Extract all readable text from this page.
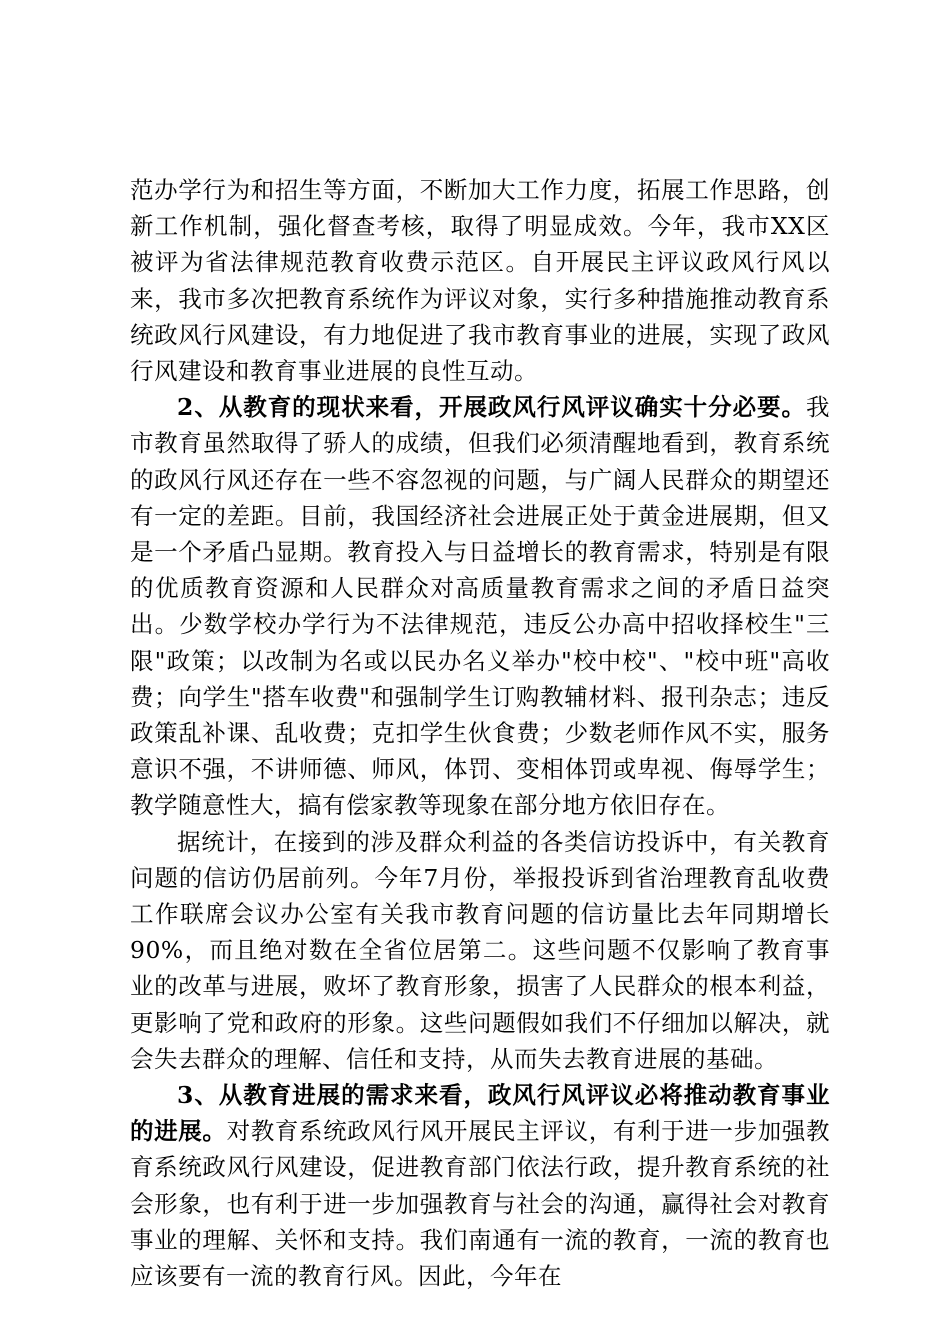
范办学行为和招生等方面，不断加大工作力度，拓展工作思路，创新工作机制，强化督查考核，取得了明显成效。今年，我市XX区被评为省法律规范教育收费示范区。自开展民主评议政风行风以来，我市多次把教育系统作为评议对象，实行多种措施推动教育系统政风行风建设，有力地促进了我市教育事业的进展，实现了政风行风建设和教育事业进展的良性互动。

2、从教育的现状来看，开展政风行风评议确实十分必要。我市教育虽然取得了骄人的成绩，但我们必须清醒地看到，教育系统的政风行风还存在一些不容忽视的问题，与广阔人民群众的期望还有一定的差距。目前，我国经济社会进展正处于黄金进展期，但又是一个矛盾凸显期。教育投入与日益增长的教育需求，特别是有限的优质教育资源和人民群众对高质量教育需求之间的矛盾日益突出。少数学校办学行为不法律规范，违反公办高中招收择校生"三限"政策；以改制为名或以民办名义举办"校中校"、"校中班"高收费；向学生"搭车收费"和强制学生订购教辅材料、报刊杂志；违反政策乱补课、乱收费；克扣学生伙食费；少数老师作风不实，服务意识不强，不讲师德、师风，体罚、变相体罚或卑视、侮辱学生；教学随意性大，搞有偿家教等现象在部分地方依旧存在。

据统计，在接到的涉及群众利益的各类信访投诉中，有关教育问题的信访仍居前列。今年7月份，举报投诉到省治理教育乱收费工作联席会议办公室有关我市教育问题的信访量比去年同期增长90%，而且绝对数在全省位居第二。这些问题不仅影响了教育事业的改革与进展，败坏了教育形象，损害了人民群众的根本利益，更影响了党和政府的形象。这些问题假如我们不仔细加以解决，就会失去群众的理解、信任和支持，从而失去教育进展的基础。

3、从教育进展的需求来看，政风行风评议必将推动教育事业的进展。对教育系统政风行风开展民主评议，有利于进一步加强教育系统政风行风建设，促进教育部门依法行政，提升教育系统的社会形象，也有利于进一步加强教育与社会的沟通，赢得社会对教育事业的理解、关怀和支持。我们南通有一流的教育，一流的教育也应该要有一流的教育行风。因此，今年在
